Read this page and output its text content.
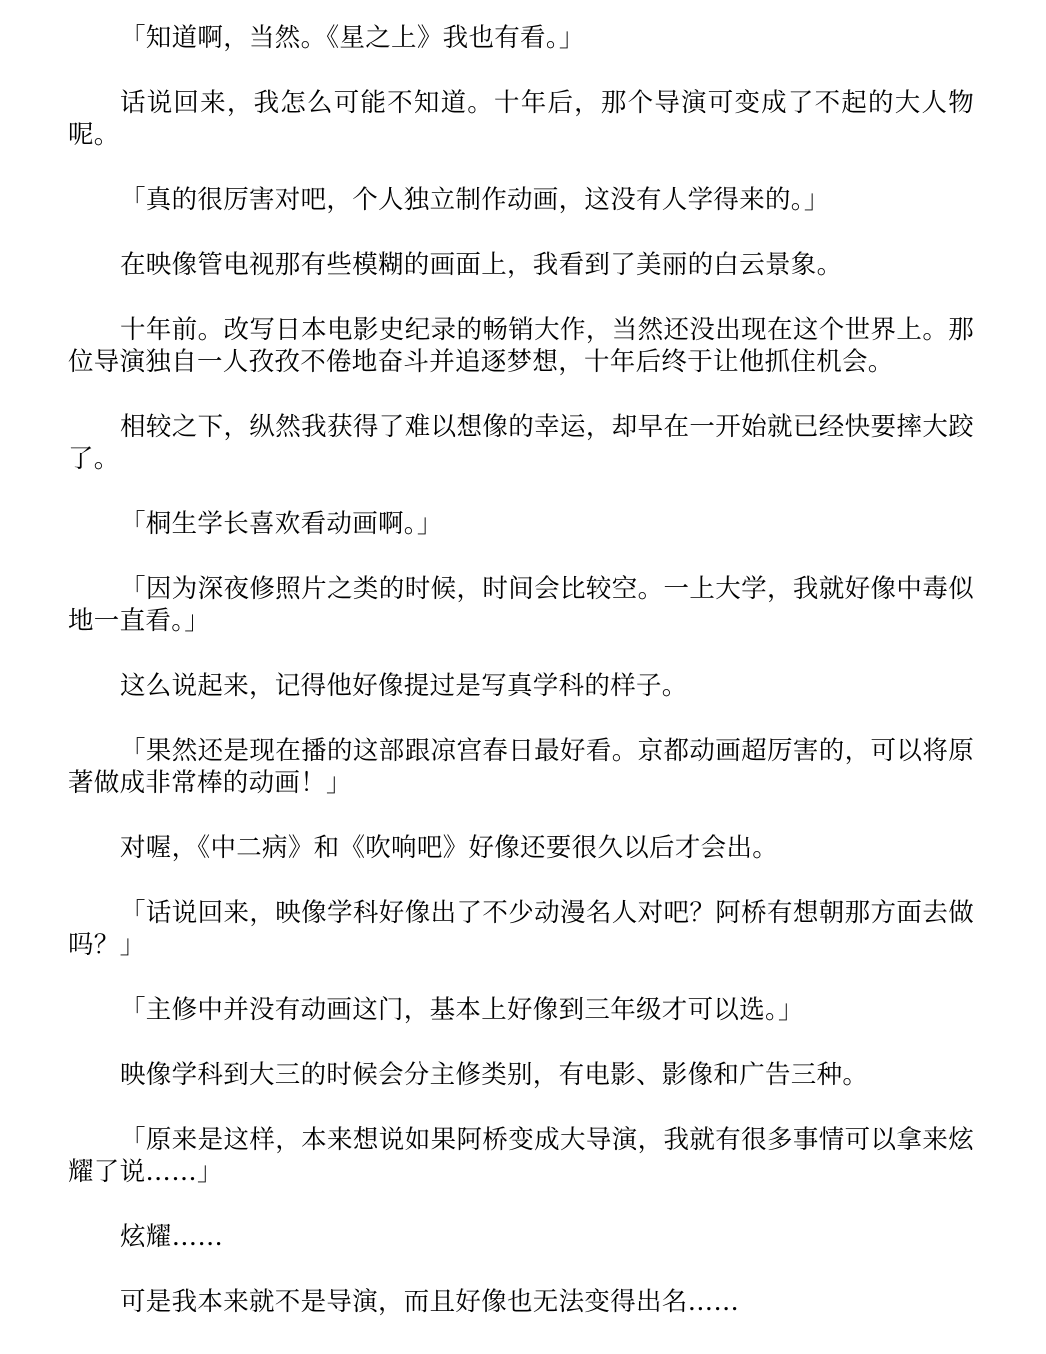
「知道啊，当然。《星之上》我也有看。」

话说回来，我怎么可能不知道。十年后，那个导演可变成了不起的大人物呢。

「真的很厉害对吧，个人独立制作动画，这没有人学得来的。」

在映像管电视那有些模糊的画面上，我看到了美丽的白云景象。

十年前。改写日本电影史纪录的畅销大作，当然还没出现在这个世界上。那位导演独自一人孜孜不倦地奋斗并追逐梦想，十年后终于让他抓住机会。

相较之下，纵然我获得了难以想像的幸运，却早在一开始就已经快要摔大跤了。

「桐生学长喜欢看动画啊。」

「因为深夜修照片之类的时候，时间会比较空。一上大学，我就好像中毒似地一直看。」

这么说起来，记得他好像提过是写真学科的样子。

「果然还是现在播的这部跟凉宫春日最好看。京都动画超厉害的，可以将原著做成非常棒的动画！」

对喔，《中二病》和《吹响吧》好像还要很久以后才会出。

「话说回来，映像学科好像出了不少动漫名人对吧？阿桥有想朝那方面去做吗？」

「主修中并没有动画这门，基本上好像到三年级才可以选。」

映像学科到大三的时候会分主修类别，有电影、影像和广告三种。

「原来是这样，本来想说如果阿桥变成大导演，我就有很多事情可以拿来炫耀了说……」

炫耀……

可是我本来就不是导演，而且好像也无法变得出名……
